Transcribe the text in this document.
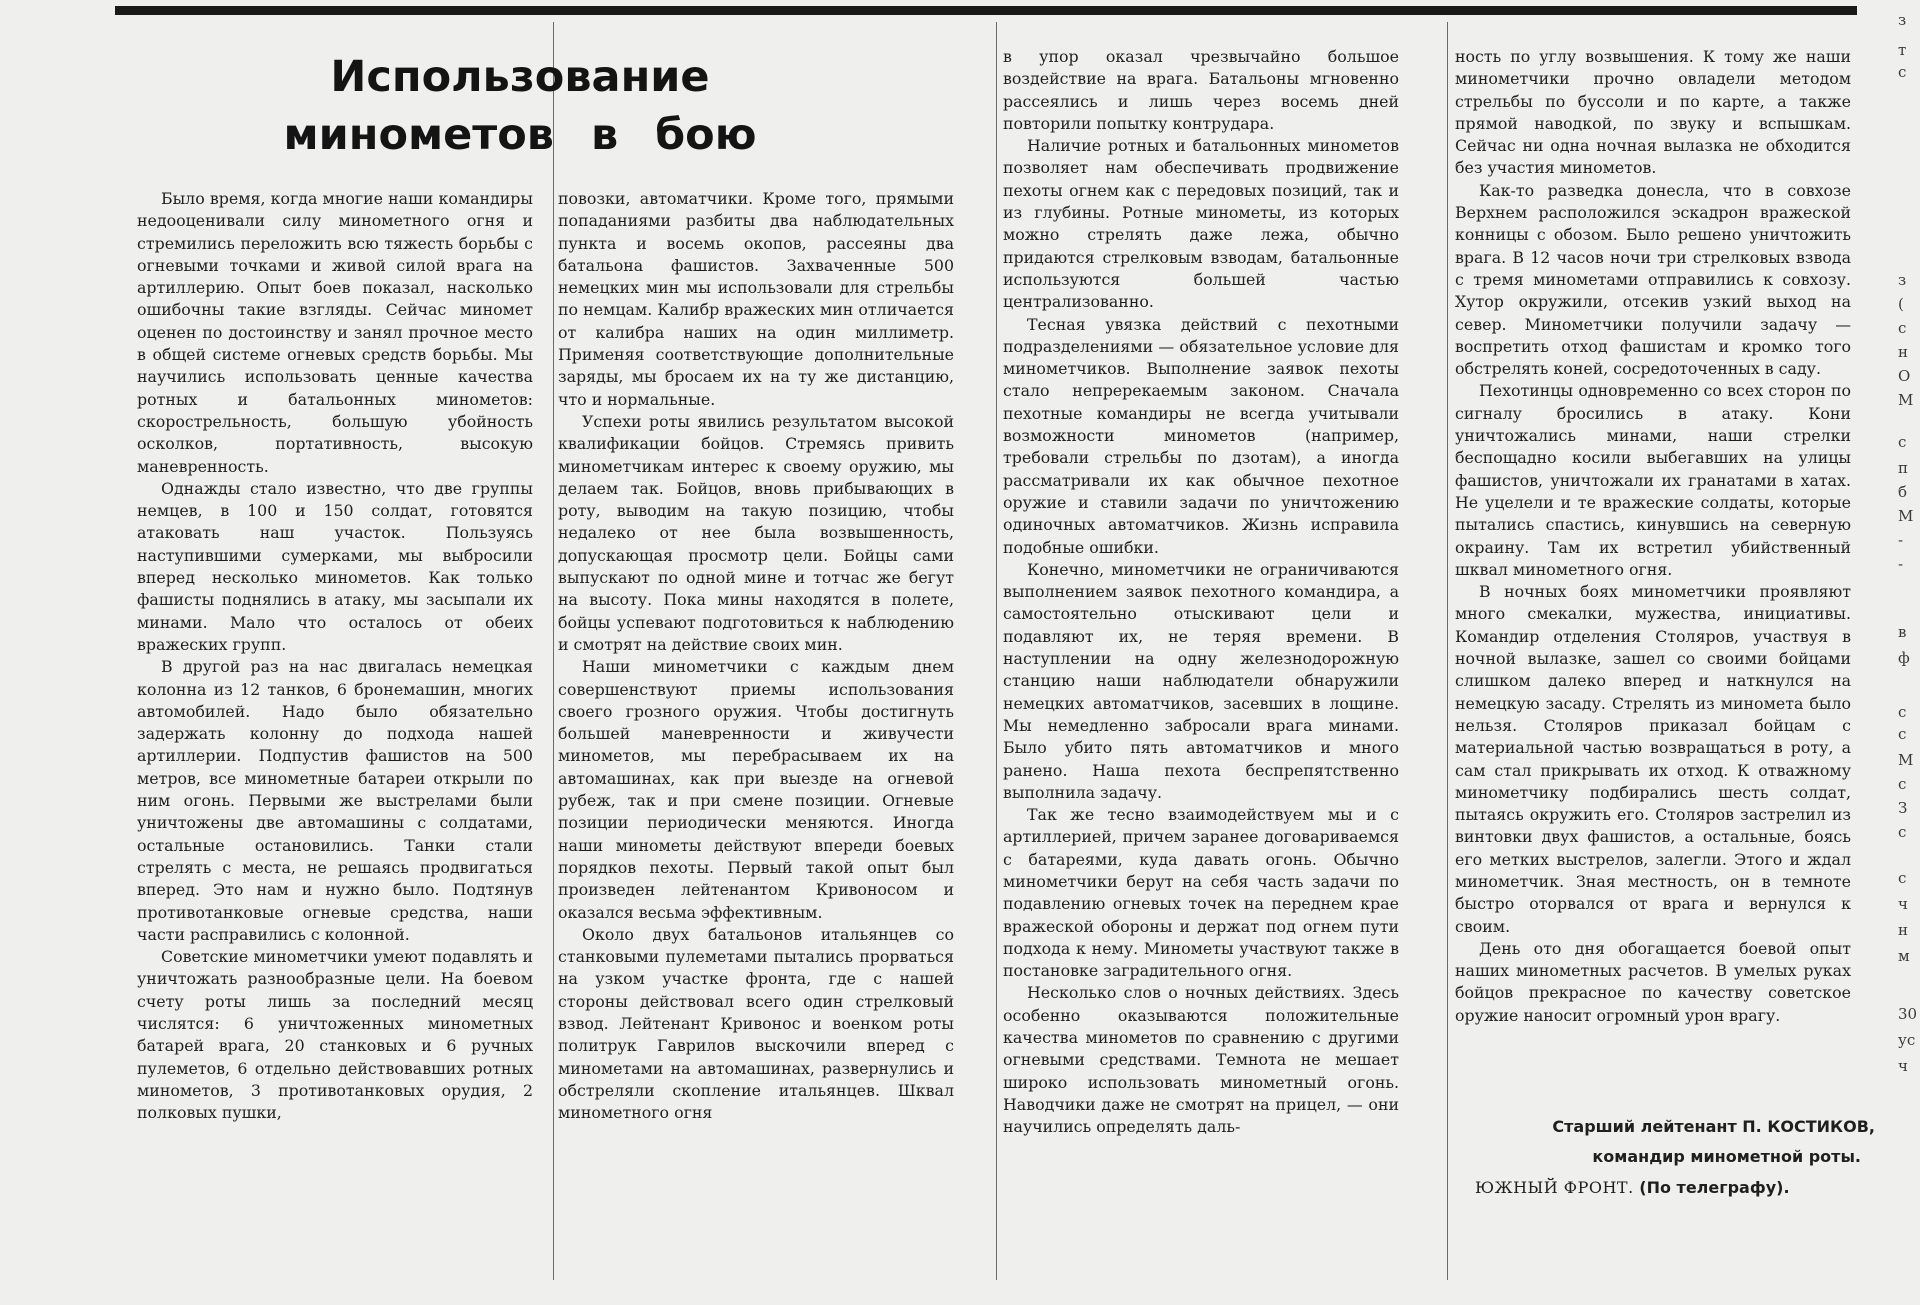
Использование
минометов в бою

Было время, когда многие наши командиры недооценивали силу минометного огня и стремились переложить всю тяжесть борьбы с огневыми точками и живой силой врага на артиллерию. Опыт боев показал, насколько ошибочны такие взгляды. Сейчас миномет оценен по достоинству и занял прочное место в общей системе огневых средств борьбы. Мы научились использовать ценные качества ротных и батальонных минометов: скорострельность, большую убойность осколков, портативность, высокую маневренность.

Однажды стало известно, что две группы немцев, в 100 и 150 солдат, готовятся атаковать наш участок. Пользуясь наступившими сумерками, мы выбросили вперед несколько минометов. Как только фашисты поднялись в атаку, мы засыпали их минами. Мало что осталось от обеих вражеских групп.

В другой раз на нас двигалась немецкая колонна из 12 танков, 6 бронемашин, многих автомобилей. Надо было обязательно задержать колонну до подхода нашей артиллерии. Подпустив фашистов на 500 метров, все минометные батареи открыли по ним огонь. Первыми же выстрелами были уничтожены две автомашины с солдатами, остальные остановились. Танки стали стрелять с места, не решаясь продвигаться вперед. Это нам и нужно было. Подтянув противотанковые огневые средства, наши части расправились с колонной.

Советские минометчики умеют подавлять и уничтожать разнообразные цели. На боевом счету роты лишь за последний месяц числятся: 6 уничтоженных минометных батарей врага, 20 станковых и 6 ручных пулеметов, 6 отдельно действовавших ротных минометов, 3 противотанковых орудия, 2 полковых пушки,

повозки, автоматчики. Кроме того, прямыми попаданиями разбиты два наблюдательных пункта и восемь окопов, рассеяны два батальона фашистов. Захваченные 500 немецких мин мы использовали для стрельбы по немцам. Калибр вражеских мин отличается от калибра наших на один миллиметр. Применяя соответствующие дополнительные заряды, мы бросаем их на ту же дистанцию, что и нормальные.

Успехи роты явились результатом высокой квалификации бойцов. Стремясь привить минометчикам интерес к своему оружию, мы делаем так. Бойцов, вновь прибывающих в роту, выводим на такую позицию, чтобы недалеко от нее была возвышенность, допускающая просмотр цели. Бойцы сами выпускают по одной мине и тотчас же бегут на высоту. Пока мины находятся в полете, бойцы успевают подготовиться к наблюдению и смотрят на действие своих мин.

Наши минометчики с каждым днем совершенствуют приемы использования своего грозного оружия. Чтобы достигнуть большей маневренности и живучести минометов, мы перебрасываем их на автомашинах, как при выезде на огневой рубеж, так и при смене позиции. Огневые позиции периодически меняются. Иногда наши минометы действуют впереди боевых порядков пехоты. Первый такой опыт был произведен лейтенантом Кривоносом и оказался весьма эффективным.

Около двух батальонов итальянцев со станковыми пулеметами пытались прорваться на узком участке фронта, где с нашей стороны действовал всего один стрелковый взвод. Лейтенант Кривонос и военком роты политрук Гаврилов выскочили вперед с минометами на автомашинах, развернулись и обстреляли скопление итальянцев. Шквал минометного огня

в упор оказал чрезвычайно большое воздействие на врага. Батальоны мгновенно рассеялись и лишь через восемь дней повторили попытку контрудара.

Наличие ротных и батальонных минометов позволяет нам обеспечивать продвижение пехоты огнем как с передовых позиций, так и из глубины. Ротные минометы, из которых можно стрелять даже лежа, обычно придаются стрелковым взводам, батальонные используются большей частью централизованно.

Тесная увязка действий с пехотными подразделениями — обязательное условие для минометчиков. Выполнение заявок пехоты стало непререкаемым законом. Сначала пехотные командиры не всегда учитывали возможности минометов (например, требовали стрельбы по дзотам), а иногда рассматривали их как обычное пехотное оружие и ставили задачи по уничтожению одиночных автоматчиков. Жизнь исправила подобные ошибки.

Конечно, минометчики не ограничиваются выполнением заявок пехотного командира, а самостоятельно отыскивают цели и подавляют их, не теряя времени. В наступлении на одну железнодорожную станцию наши наблюдатели обнаружили немецких автоматчиков, засевших в лощине. Мы немедленно забросали врага минами. Было убито пять автоматчиков и много ранено. Наша пехота беспрепятственно выполнила задачу.

Так же тесно взаимодействуем мы и с артиллерией, причем заранее договариваемся с батареями, куда давать огонь. Обычно минометчики берут на себя часть задачи по подавлению огневых точек на переднем крае вражеской обороны и держат под огнем пути подхода к нему. Минометы участвуют также в постановке заградительного огня.

Несколько слов о ночных действиях. Здесь особенно оказываются положительные качества минометов по сравнению с другими огневыми средствами. Темнота не мешает широко использовать минометный огонь. Наводчики даже не смотрят на прицел, — они научились определять даль-

ность по углу возвышения. К тому же наши минометчики прочно овладели методом стрельбы по буссоли и по карте, а также прямой наводкой, по звуку и вспышкам. Сейчас ни одна ночная вылазка не обходится без участия минометов.

Как-то разведка донесла, что в совхозе Верхнем расположился эскадрон вражеской конницы с обозом. Было решено уничтожить врага. В 12 часов ночи три стрелковых взвода с тремя минометами отправились к совхозу. Хутор окружили, отсекив узкий выход на север. Минометчики получили задачу — воспретить отход фашистам и кромко того обстрелять коней, сосредоточенных в саду.

Пехотинцы одновременно со всех сторон по сигналу бросились в атаку. Кони уничтожались минами, наши стрелки беспощадно косили выбегавших на улицы фашистов, уничтожали их гранатами в хатах. Не уцелели и те вражеские солдаты, которые пытались спастись, кинувшись на северную окраину. Там их встретил убийственный шквал минометного огня.

В ночных боях минометчики проявляют много смекалки, мужества, инициативы. Командир отделения Столяров, участвуя в ночной вылазке, зашел со своими бойцами слишком далеко вперед и наткнулся на немецкую засаду. Стрелять из миномета было нельзя. Столяров приказал бойцам с материальной частью возвращаться в роту, а сам стал прикрывать их отход. К отважному минометчику подбирались шесть солдат, пытаясь окружить его. Столяров застрелил из винтовки двух фашистов, а остальные, боясь его метких выстрелов, залегли. Этого и ждал минометчик. Зная местность, он в темноте быстро оторвался от врага и вернулся к своим.

День ото дня обогащается боевой опыт наших минометных расчетов. В умелых руках бойцов прекрасное по качеству советское оружие наносит огромный урон врагу.

Старший лейтенант П. КОСТИКОВ,
командир минометной роты.
ЮЖНЫЙ ФРОНТ. (По телеграфу).
з
т
с
з
(
с
н
О
М
с
п
б
М
-
-
в
ф
с
с
М
с
З
с
с
ч
н
м
30
ус
ч
